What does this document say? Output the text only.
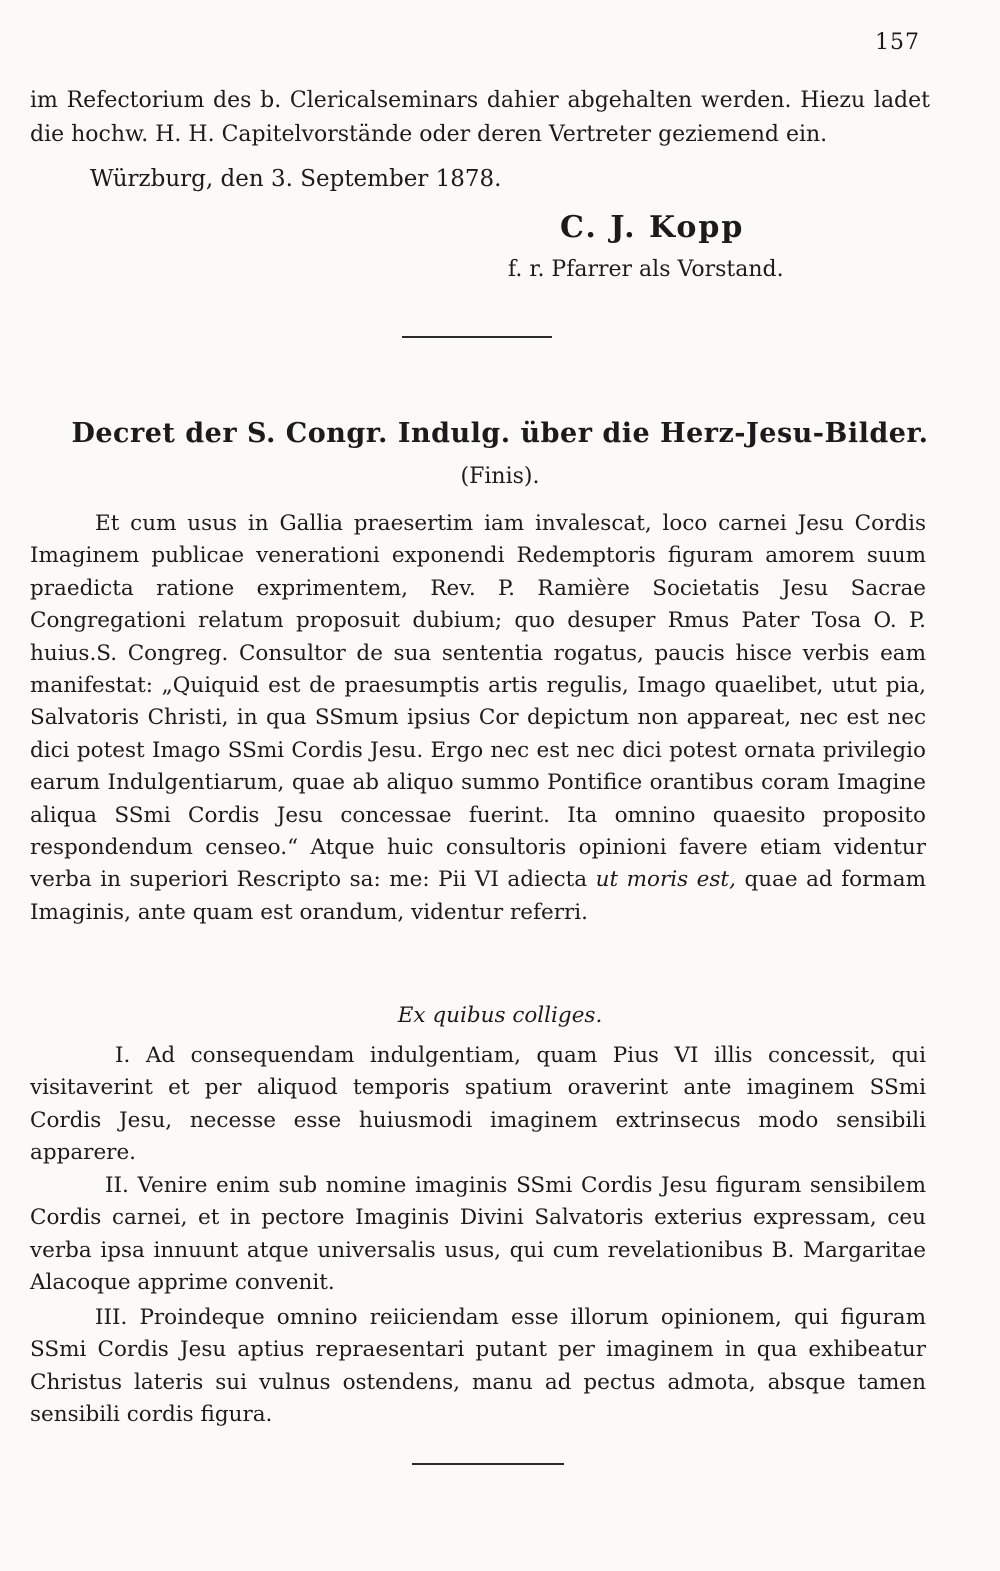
157

im Refectorium des b. Clericalseminars dahier abgehalten werden. Hiezu ladet die hochw. H. H. Capitelvorstände oder deren Vertreter geziemend ein.

Würzburg, den 3. September 1878.

C. J. Kopp

f. r. Pfarrer als Vorstand.

Decret der S. Congr. Indulg. über die Herz-Jesu-Bilder.

(Finis).

Et cum usus in Gallia praesertim iam invalescat, loco carnei Jesu Cordis Imaginem publicae venerationi exponendi Redemptoris figuram amorem suum praedicta ratione exprimentem, Rev. P. Ramière Societatis Jesu Sacrae Congregationi relatum proposuit dubium; quo desuper Rmus Pater Tosa O. P. huius.S. Congreg. Consultor de sua sententia rogatus, paucis hisce verbis eam manifestat: „Quiquid est de praesumptis artis regulis, Imago quaelibet, utut pia, Salvatoris Christi, in qua SSmum ipsius Cor depictum non appareat, nec est nec dici potest Imago SSmi Cordis Jesu. Ergo nec est nec dici potest ornata privilegio earum Indulgentiarum, quae ab aliquo summo Pontifice orantibus coram Imagine aliqua SSmi Cordis Jesu concessae fuerint. Ita omnino quaesito proposito respondendum censeo.“ Atque huic consultoris opinioni favere etiam videntur verba in superiori Rescripto sa: me: Pii VI adiecta ut moris est, quae ad formam Imaginis, ante quam est orandum, videntur referri.

Ex quibus colliges.

I. Ad consequendam indulgentiam, quam Pius VI illis concessit, qui visitaverint et per aliquod temporis spatium oraverint ante imaginem SSmi Cordis Jesu, necesse esse huiusmodi imaginem extrinsecus modo sensibili apparere.

II. Venire enim sub nomine imaginis SSmi Cordis Jesu figuram sensibilem Cordis carnei, et in pectore Imaginis Divini Salvatoris exterius expressam, ceu verba ipsa innuunt atque universalis usus, qui cum revelationibus B. Margaritae Alacoque apprime convenit.

III. Proindeque omnino reiiciendam esse illorum opinionem, qui figuram SSmi Cordis Jesu aptius repraesentari putant per imaginem in qua exhibeatur Christus lateris sui vulnus ostendens, manu ad pectus admota, absque tamen sensibili cordis figura.
